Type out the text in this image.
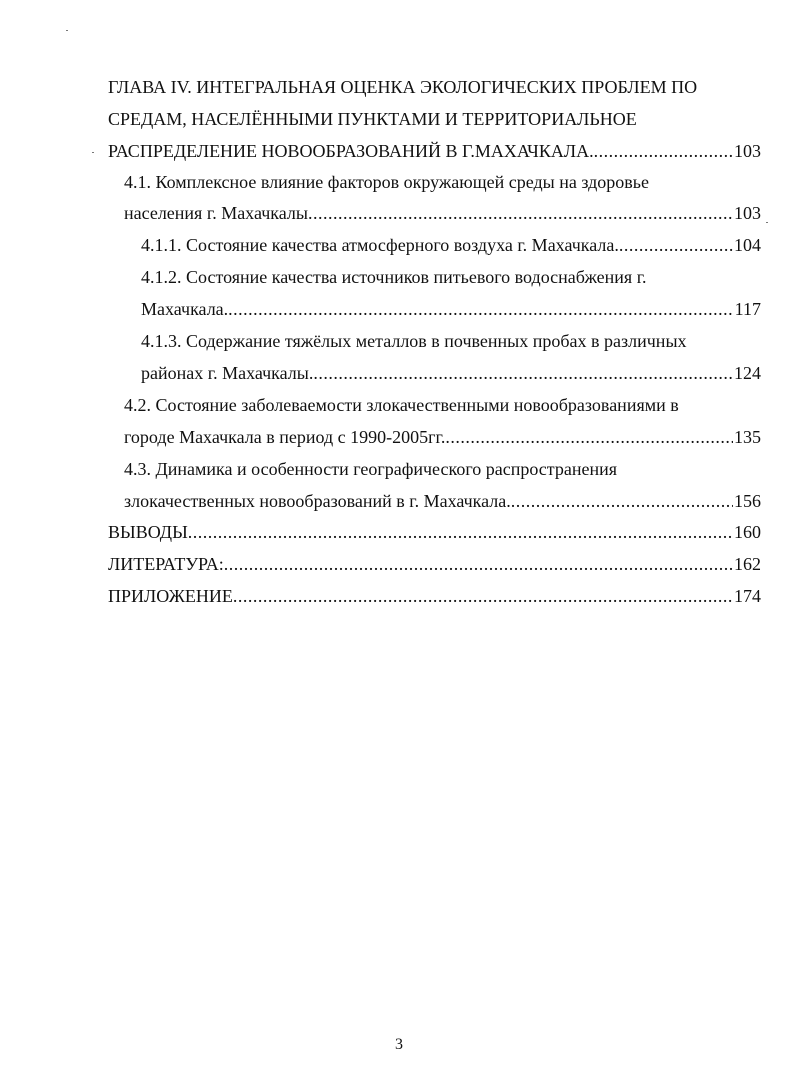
ГЛАВА IV. ИНТЕГРАЛЬНАЯ ОЦЕНКА ЭКОЛОГИЧЕСКИХ ПРОБЛЕМ ПО
СРЕДАМ, НАСЕЛЁННЫМИ ПУНКТАМИ И ТЕРРИТОРИАЛЬНОЕ
РАСПРЕДЕЛЕНИЕ НОВООБРАЗОВАНИЙ В Г.МАХАЧКАЛА. .....	103
4.1. Комплексное влияние факторов окружающей среды на здоровье
населения г. Махачкалы .....	103
4.1.1. Состояние качества атмосферного воздуха г. Махачкала. .....	104
4.1.2. Состояние качества источников питьевого водоснабжения г.
Махачкала. .....	117
4.1.3. Содержание тяжёлых металлов в почвенных пробах в различных
районах г. Махачкалы. .....	124
4.2. Состояние заболеваемости злокачественными новообразованиями в
городе Махачкала в период с 1990-2005гг. .....	135
4.3. Динамика и особенности географического распространения
злокачественных новообразований в г. Махачкала. .....	156
ВЫВОДЫ .....	160
ЛИТЕРАТУРА: .....	162
ПРИЛОЖЕНИЕ .....	174
3
